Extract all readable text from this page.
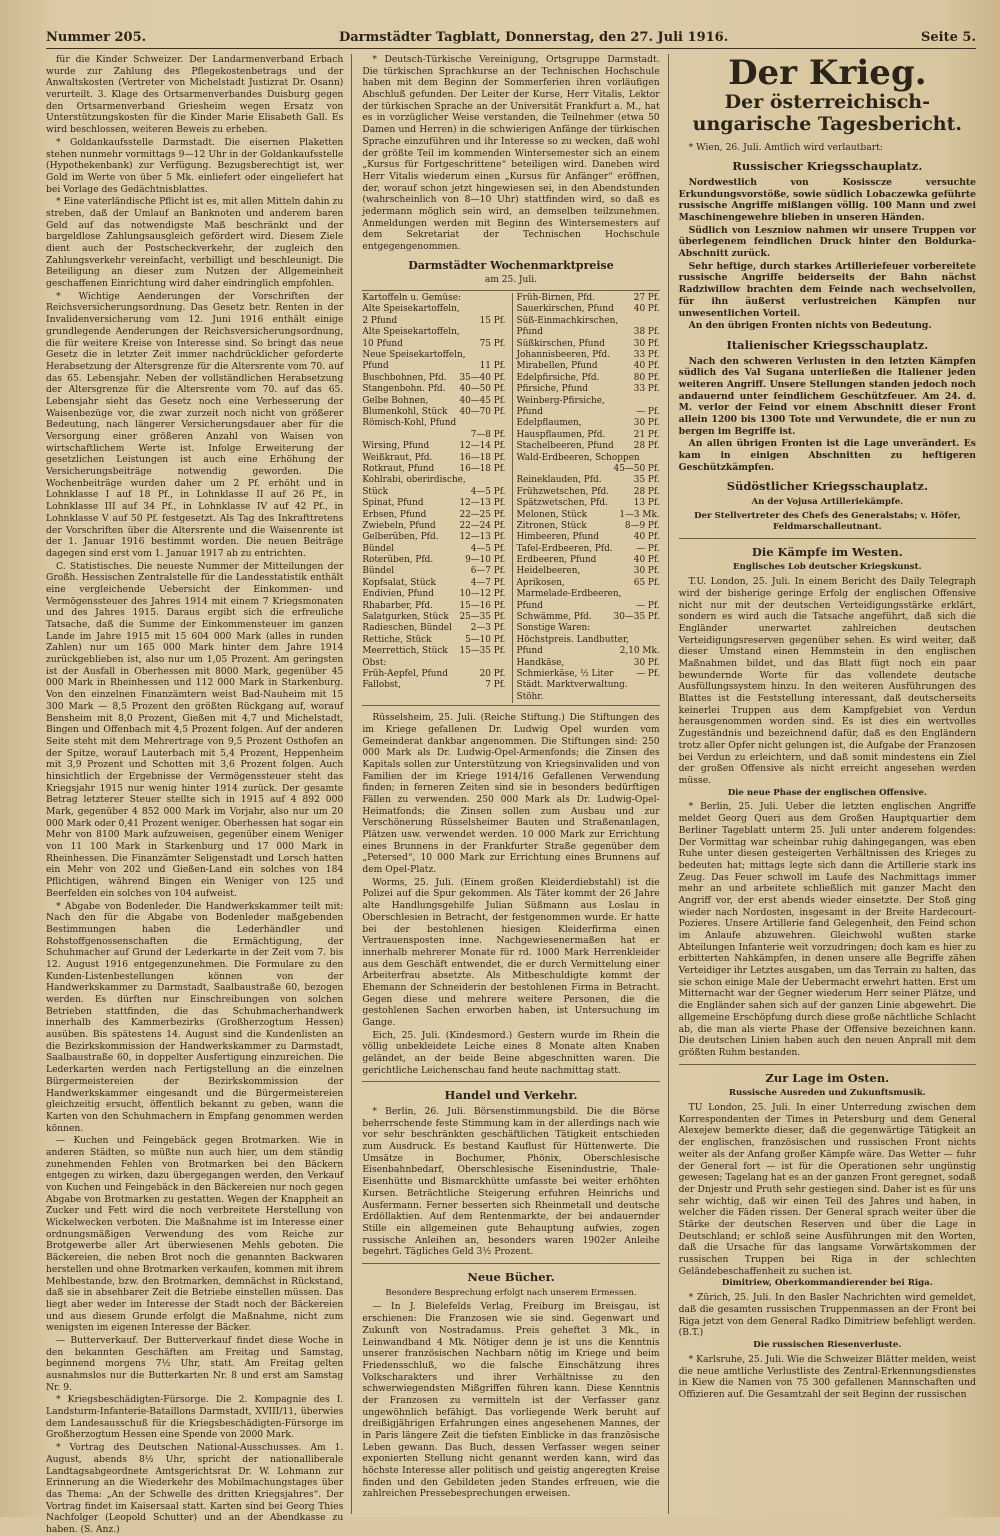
Nummer 205.	Darmstädter Tagblatt, Donnerstag, den 27. Juli 1916.	Seite 5.

für die Kinder Schweizer. Der Landarmenverband Erbach wurde zur Zahlung des Pflegekostenbetrags und der Anwaltskosten (Vertreter von Michelstadt Justizrat Dr. Osann) verurteilt. 3. Klage des Ortsarmenverbandes Duisburg gegen den Ortsarmenverband Griesheim wegen Ersatz von Unterstützungskosten für die Kinder Marie Elisabeth Gall. Es wird beschlossen, weiteren Beweis zu erheben.

* Goldankaufsstelle Darmstadt. Die eisernen Plaketten stehen nunmehr vormittags 9—12 Uhr in der Goldankaufsstelle (Hypothekenbank) zur Verfügung. Bezugsberechtigt ist, wer Gold im Werte von über 5 Mk. einliefert oder eingeliefert hat bei Vorlage des Gedächtnisblattes.

* Eine vaterländische Pflicht ist es, mit allen Mitteln dahin zu streben, daß der Umlauf an Banknoten und anderem baren Geld auf das notwendigste Maß beschränkt und der bargeldlose Zahlungsausgleich gefördert wird. Diesem Ziele dient auch der Postscheckverkehr, der zugleich den Zahlungsverkehr vereinfacht, verbilligt und beschleunigt. Die Beteiligung an dieser zum Nutzen der Allgemeinheit geschaffenen Einrichtung wird daher eindringlich empfohlen.

* Wichtige Aenderungen der Vorschriften der Reichsversicherungsordnung. Das Gesetz betr. Renten in der Invalidenversicherung vom 12. Juni 1916 enthält einige grundlegende Aenderungen der Reichsversicherungsordnung, die für weitere Kreise von Interesse sind. So bringt das neue Gesetz die in letzter Zeit immer nachdrücklicher geforderte Herabsetzung der Altersgrenze für die Altersrente vom 70. auf das 65. Lebensjahr. Neben der vollständlichen Herabsetzung der Altersgrenze für die Altersrente vom 70. auf das 65. Lebensjahr sieht das Gesetz noch eine Verbesserung der Waisenbezüge vor, die zwar zurzeit noch nicht von größerer Bedeutung, nach längerer Versicherungsdauer aber für die Versorgung einer größeren Anzahl von Waisen von wirtschaftlichem Werte ist. Infolge Erweiterung der gesetzlichen Leistungen ist auch eine Erhöhung der Versicherungsbeiträge notwendig geworden. Die Wochenbeiträge wurden daher um 2 Pf. erhöht und in Lohnklasse I auf 18 Pf., in Lohnklasse II auf 26 Pf., in Lohnklasse III auf 34 Pf., in Lohnklasse IV auf 42 Pf., in Lohnklasse V auf 50 Pf. festgesetzt. Als Tag des Inkrafttretens der Vorschriften über die Altersrente und die Waisenrente ist der 1. Januar 1916 bestimmt worden. Die neuen Beiträge dagegen sind erst vom 1. Januar 1917 ab zu entrichten.

C. Statistisches. Die neueste Nummer der Mitteilungen der Großh. Hessischen Zentralstelle für die Landesstatistik enthält eine vergleichende Uebersicht der Einkommen- und Vermögenssteuer des Jahres 1914 mit einem 7 Kriegsmonaten und des Jahres 1915. Daraus ergibt sich die erfreuliche Tatsache, daß die Summe der Einkommensteuer im ganzen Lande im Jahre 1915 mit 15 604 000 Mark (alles in runden Zahlen) nur um 165 000 Mark hinter dem Jahre 1914 zurückgeblieben ist, also nur um 1,05 Prozent. Am geringsten ist der Ausfall in Oberhessen mit 8000 Mark, gegenüber 45 000 Mark in Rheinhessen und 112 000 Mark in Starkenburg. Von den einzelnen Finanzämtern weist Bad-Nauheim mit 15 300 Mark — 8,5 Prozent den größten Rückgang auf, worauf Bensheim mit 8,0 Prozent, Gießen mit 4,7 und Michelstadt, Bingen und Offenbach mit 4,5 Prozent folgen. Auf der anderen Seite steht mit dem Mehrertrage von 9,5 Prozent Osthofen an der Spitze, worauf Lauterbach mit 5,4 Prozent, Heppenheim mit 3,9 Prozent und Schotten mit 3,6 Prozent folgen. Auch hinsichtlich der Ergebnisse der Vermögenssteuer steht das Kriegsjahr 1915 nur wenig hinter 1914 zurück. Der gesamte Betrag letzterer Steuer stellte sich in 1915 auf 4 892 000 Mark, gegenüber 4 852 000 Mark im Vorjahr, also nur um 20 000 Mark oder 0,41 Prozent weniger. Oberhessen hat sogar ein Mehr von 8100 Mark aufzuweisen, gegenüber einem Weniger von 11 100 Mark in Starkenburg und 17 000 Mark in Rheinhessen. Die Finanzämter Seligenstadt und Lorsch hatten ein Mehr von 202 und Gießen-Land ein solches von 184 Pflichtigen, während Bingen ein Weniger von 125 und Beerfelden ein solches von 104 aufweist.

* Abgabe von Bodenleder. Die Handwerkskammer teilt mit: Nach den für die Abgabe von Bodenleder maßgebenden Bestimmungen haben die Lederhändler und Rohstoffgenossenschaften die Ermächtigung, der Schuhmacher auf Grund der Lederkarte in der Zeit vom 7. bis 12. August 1916 entgegenzunehmen. Die Formulare zu den Kunden-Listenbestellungen können von der Handwerkskammer zu Darmstadt, Saalbaustraße 60, bezogen werden. Es dürften nur Einschreibungen von solchen Betrieben stattfinden, die das Schuhmacherhandwerk innerhalb des Kammerbezirks (Großherzogtum Hessen) ausüben. Bis spätestens 14. August sind die Kundenlisten an die Bezirkskommission der Handwerkskammer zu Darmstadt, Saalbaustraße 60, in doppelter Ausfertigung einzureichen. Die Lederkarten werden nach Fertigstellung an die einzelnen Bürgermeistereien der Bezirkskommission der Handwerkskammer eingesandt und die Bürgermeistereien gleichzeitig ersucht, öffentlich bekannt zu geben, wann die Karten von den Schuhmachern in Empfang genommen werden können.

— Kuchen und Feingebäck gegen Brotmarken. Wie in anderen Städten, so müßte nun auch hier, um dem ständig zunehmenden Fehlen von Brotmarken bei den Bäckern entgegen zu wirken, dazu übergegangen werden, den Verkauf von Kuchen und Feingebäck in den Bäckereien nur noch gegen Abgabe von Brotmarken zu gestatten. Wegen der Knappheit an Zucker und Fett wird die noch verbreitete Herstellung von Wickelwecken verboten. Die Maßnahme ist im Interesse einer ordnungsmäßigen Verwendung des vom Reiche zur Brotgewerbe aller Art überwiesenen Mehls geboten. Die Bäckereien, die neben Brot noch die genannten Backwaren herstellen und ohne Brotmarken verkaufen, kommen mit ihrem Mehlbestande, bzw. den Brotmarken, demnächst in Rückstand, daß sie in absehbarer Zeit die Betriebe einstellen müssen. Das liegt aber weder im Interesse der Stadt noch der Bäckereien und aus diesem Grunde erfolgt die Maßnahme, nicht zum wenigsten im eigenen Interesse der Bäcker.

— Butterverkauf. Der Butterverkauf findet diese Woche in den bekannten Geschäften am Freitag und Samstag, beginnend morgens 7½ Uhr, statt. Am Freitag gelten ausnahmslos nur die Butterkarten Nr. 8 und erst am Samstag Nr. 9.

* Kriegsbeschädigten-Fürsorge. Die 2. Kompagnie des I. Landsturm-Infanterie-Bataillons Darmstadt, XVIII/11, überwies dem Landesausschuß für die Kriegsbeschädigten-Fürsorge im Großherzogtum Hessen eine Spende von 2000 Mark.

* Vortrag des Deutschen National-Ausschusses. Am 1. August, abends 8½ Uhr, spricht der nationalliberale Landtagsabgeordnete Amtsgerichtsrat Dr. W. Lohmann zur Erinnerung an die Wiederkehr des Mobilmachungstages über das Thema: „An der Schwelle des dritten Kriegsjahres“. Der Vortrag findet im Kaisersaal statt. Karten sind bei Georg Thies Nachfolger (Leopold Schutter) und an der Abendkasse zu haben. (S. Anz.)

* Deutsch-Türkische Vereinigung, Ortsgruppe Darmstadt. Die türkischen Sprachkurse an der Technischen Hochschule haben mit dem Beginn der Sommerferien ihren vorläufigen Abschluß gefunden. Der Leiter der Kurse, Herr Vitalis, Lektor der türkischen Sprache an der Universität Frankfurt a. M., hat es in vorzüglicher Weise verstanden, die Teilnehmer (etwa 50 Damen und Herren) in die schwierigen Anfänge der türkischen Sprache einzuführen und ihr Interesse so zu wecken, daß wohl der größte Teil im kommenden Wintersemester sich an einem „Kursus für Fortgeschrittene“ beteiligen wird. Daneben wird Herr Vitalis wiederum einen „Kursus für Anfänger“ eröffnen, der, worauf schon jetzt hingewiesen sei, in den Abendstunden (wahrscheinlich von 8—10 Uhr) stattfinden wird, so daß es jedermann möglich sein wird, an demselben teilzunehmen. Anmeldungen werden mit Beginn des Wintersemesters auf dem Sekretariat der Technischen Hochschule entgegengenommen.

Darmstädter Wochenmarktpreise
am 25. Juli.
Kartoffeln u. Gemüse:
Alte Speisekartoffeln,
2 Pfund	15 Pf.
Alte Speisekartoffeln,
10 Pfund	75 Pf.
Neue Speisekartoffeln,
Pfund	11 Pf.
Buschbohnen, Pfd. 35—40 Pf.
Stangenbohn. Pfd. 40—50 Pf.
Gelbe Bohnen,	40—45 Pf.
Blumenkohl, Stück 40—70 Pf.
Römisch-Kohl, Pfund
7—8 Pf.
Wirsing, Pfund	12—14 Pf.
Weißkraut, Pfd.	16—18 Pf.
Rotkraut, Pfund	16—18 Pf.
Kohlrabi, oberirdische,
Stück	4—5 Pf.
Spinat, Pfund	12—13 Pf.
Erbsen, Pfund	22—25 Pf.
Zwiebeln, Pfund	22—24 Pf.
Gelberüben, Pfd. 12—13 Pf.
Bündel	4—5 Pf.
Roterüben, Pfd.	9—10 Pf.
Bündel	6—7 Pf.
Kopfsalat, Stück	4—7 Pf.
Endivien, Pfund	10—12 Pf.
Rhabarber, Pfd.	15—16 Pf.
Salatgurken, Stück 25—35 Pf.
Radieschen, Bündel 2—3 Pf.
Rettiche, Stück	5—10 Pf.
Meerrettich, Stück 15—35 Pf.
Obst:
Früh-Aepfel, Pfund	20 Pf.
Fallobst,	7 Pf.
Früh-Birnen, Pfd.	27 Pf.
Sauerkirschen, Pfund 40 Pf.
Süß-Einmachkirschen,
Pfund	38 Pf.
Süßkirschen, Pfund	30 Pf.
Johannisbeeren, Pfd.	33 Pf.
Mirabellen, Pfund	40 Pf.
Edelpfirsiche, Pfd.	80 Pf.
Pfirsiche, Pfund	33 Pf.
Weinberg-Pfirsiche,
Pfund	— Pf.
Edelpflaumen,	30 Pf.
Hauspflaumen, Pfd.	21 Pf.
Stachelbeeren, Pfund 28 Pf.
Wald-Erdbeeren, Schoppen
45—50 Pf.
Reineklauden, Pfd.	35 Pf.
Frühzwetschen, Pfd.	28 Pf.
Spätzwetschen, Pfd.	13 Pf.
Melonen, Stück	1—3 Mk.
Zitronen, Stück	8—9 Pf.
Himbeeren, Pfund	40 Pf.
Tafel-Erdbeeren, Pfd.	— Pf.
Erdbeeren, Pfund	40 Pf.
Heidelbeeren,	30 Pf.
Aprikosen,	65 Pf.
Marmelade-Erdbeeren,
Pfund	— Pf.
Schwämme, Pfd. 30—35 Pf.
Sonstige Waren:
Höchstpreis. Landbutter,
Pfund	2,10 Mk.
Handkäse,	30 Pf.
Schmierkäse, ½ Liter	— Pf.
Städt. Marktverwaltung.
Stöhr.

Rüsselsheim, 25. Juli. (Reiche Stiftung.) Die Stiftungen des im Kriege gefallenen Dr. Ludwig Opel wurden vom Gemeinderat dankbar angenommen. Die Stiftungen sind: 250 000 Mark als Dr. Ludwig-Opel-Armenfonds; die Zinsen des Kapitals sollen zur Unterstützung von Kriegsinvaliden und von Familien der im Kriege 1914/16 Gefallenen Verwendung finden; in ferneren Zeiten sind sie in besonders bedürftigen Fällen zu verwenden. 250 000 Mark als Dr. Ludwig-Opel-Heimatfonds; die Zinsen sollen zum Ausbau und zur Verschönerung Rüsselsheimer Bauten und Straßenanlagen, Plätzen usw. verwendet werden. 10 000 Mark zur Errichtung eines Brunnens in der Frankfurter Straße gegenüber dem „Petersed“, 10 000 Mark zur Errichtung eines Brunnens auf dem Opel-Platz.

Worms, 25. Juli. (Einem großen Kleiderdiebstahl) ist die Polizei auf die Spur gekommen. Als Täter kommt der 26 Jahre alte Handlungsgehilfe Julian Süßmann aus Loslau in Oberschlesien in Betracht, der festgenommen wurde. Er hatte bei der bestohlenen hiesigen Kleiderfirma einen Vertrauensposten inne. Nachgewiesenermaßen hat er innerhalb mehrerer Monate für rd. 1000 Mark Herrenkleider aus dem Geschäft entwendet, die er durch Vermittelung einer Arbeiterfrau absetzte. Als Mitbeschuldigte kommt der Ehemann der Schneiderin der bestohlenen Firma in Betracht. Gegen diese und mehrere weitere Personen, die die gestohlenen Sachen erworben haben, ist Untersuchung im Gange.

Eich, 25. Juli. (Kindesmord.) Gestern wurde im Rhein die völlig unbekleidete Leiche eines 8 Monate alten Knaben geländet, an der beide Beine abgeschnitten waren. Die gerichtliche Leichenschau fand heute nachmittag statt.

Handel und Verkehr.

* Berlin, 26. Juli. Börsenstimmungsbild. Die die Börse beherrschende feste Stimmung kam in der allerdings nach wie vor sehr beschränkten geschäftlichen Tätigkeit entschieden zum Ausdruck. Es bestand Kauflust für Hüttenwerte. Die Umsätze in Bochumer, Phönix, Oberschlesische Eisenbahnbedarf, Oberschlesische Eisenindustrie, Thale-Eisenhütte und Bismarckhütte umfasste bei weiter erhöhten Kursen. Beträchtliche Steigerung erfuhren Heinrichs und Ausfermann. Ferner besserten sich Rheinmetall und deutsche Erdöllaktien. Auf dem Rentenmarkte, der bei andauernder Stille ein allgemeinen gute Behauptung aufwies, zogen russische Anleihen an, besonders waren 1902er Anleihe begehrt. Tägliches Geld 3½ Prozent.

Neue Bücher.
Besondere Besprechung erfolgt nach unserem Ermessen.

— In J. Bielefelds Verlag, Freiburg im Breisgau, ist erschienen: Die Franzosen wie sie sind. Gegenwart und Zukunft von Nostradamus. Preis geheftet 3 Mk., in Leinwandband 4 Mk. Nötiger denn je ist uns die Kenntnis unserer französischen Nachbarn nötig im Kriege und beim Friedensschluß, wo die falsche Einschätzung ihres Volkscharakters und ihrer Verhältnisse zu den schwerwiegendsten Mißgriffen führen kann. Diese Kenntnis der Franzosen zu vermitteln ist der Verfasser ganz ungewöhnlich befähigt. Das vorliegende Werk beruht auf dreißigjährigen Erfahrungen eines angesehenen Mannes, der in Paris längere Zeit die tiefsten Einblicke in das französische Leben gewann. Das Buch, dessen Verfasser wegen seiner exponierten Stellung nicht genannt werden kann, wird das höchste Interesse aller politisch und geistig angeregten Kreise finden und den Gebildeten jeden Standes erfreuen, wie die zahlreichen Pressebesprechungen erweisen.

Der Krieg.
Der österreichisch-ungarische Tagesbericht.

* Wien, 26. Juli. Amtlich wird verlautbart:

Russischer Kriegsschauplatz.

Nordwestlich von Kosisscze versuchte Erkundungsvorstöße, sowie südlich Lobaczewka geführte russische Angriffe mißlangen völlig. 100 Mann und zwei Maschinengewehre blieben in unseren Händen.

Südlich von Leszniow nahmen wir unsere Truppen vor überlegenem feindlichen Druck hinter den Boldurka-Abschnitt zurück.

Sehr heftige, durch starkes Artilleriefeuer vorbereitete russische Angriffe beiderseits der Bahn nächst Radziwillow brachten dem Feinde nach wechselvollen, für ihn äußerst verlustreichen Kämpfen nur unwesentlichen Vorteil.

An den übrigen Fronten nichts von Bedeutung.

Italienischer Kriegsschauplatz.

Nach den schweren Verlusten in den letzten Kämpfen südlich des Val Sugana unterließen die Italiener jeden weiteren Angriff. Unsere Stellungen standen jedoch noch andauernd unter feindlichem Geschützfeuer. Am 24. d. M. verlor der Feind vor einem Abschnitt dieser Front allein 1200 bis 1300 Tote und Verwundete, die er nun zu bergen im Begriffe ist.

An allen übrigen Fronten ist die Lage unverändert. Es kam in einigen Abschnitten zu heftigeren Geschützkämpfen.

Südöstlicher Kriegsschauplatz.

An der Vojusa Artilleriekämpfe.

Der Stellvertreter des Chefs des Generalstabs; v. Höfer, Feldmarschalleutnant.

Die Kämpfe im Westen.
Englisches Lob deutscher Kriegskunst.

T.U. London, 25. Juli. In einem Bericht des Daily Telegraph wird der bisherige geringe Erfolg der englischen Offensive nicht nur mit der deutschen Verteidigungsstärke erklärt, sondern es wird auch die Tatsache angeführt, daß sich die Engländer unerwartet zahlreichen deutschen Verteidigungsreserven gegenüber sehen. Es wird weiter, daß dieser Umstand einen Hemmstein in den englischen Maßnahmen bildet, und das Blatt fügt noch ein paar bewundernde Worte für das vollendete deutsche Ausfüllungssystem hinzu. In den weiteren Ausführungen des Blattes ist die Feststellung interessant, daß deutscherseits keinerlei Truppen aus dem Kampfgebiet von Verdun herausgenommen worden sind. Es ist dies ein wertvolles Zugeständnis und bezeichnend dafür, daß es den Engländern trotz aller Opfer nicht gelungen ist, die Aufgabe der Franzosen bei Verdun zu erleichtern, und daß somit mindestens ein Ziel der großen Offensive als nicht erreicht angesehen werden müsse.

Die neue Phase der englischen Offensive.

* Berlin, 25. Juli. Ueber die letzten englischen Angriffe meldet Georg Queri aus dem Großen Hauptquartier dem Berliner Tageblatt unterm 25. Juli unter anderem folgendes: Der Vormittag war scheinbar ruhig dahingegangen, was eben Ruhe unter diesen gesteigerten Verhältnissen des Krieges zu bedeuten hat; mittags legte sich dann die Artillerie stark ins Zeug. Das Feuer schwoll im Laufe des Nachmittags immer mehr an und arbeitete schließlich mit ganzer Macht den Angriff vor, der erst abends wieder einsetzte. Der Stoß ging wieder nach Nordosten, insgesamt in der Breite Hardecourt-Pozieres. Unsere Artillerie fand Gelegenheit, den Feind schon im Anlaufe abzuwehren. Gleichwohl wußten starke Abteilungen Infanterie weit vorzudringen; doch kam es hier zu erbitterten Nahkämpfen, in denen unsere alle Begriffe zähen Verteidiger ihr Letztes ausgaben, um das Terrain zu halten, das sie schon einige Male der Uebermacht erwehrt hatten. Erst um Mitternacht war der Gegner wiederum Herr seiner Plätze, und die Engländer sahen sich auf der ganzen Linie abgewehrt. Die allgemeine Erschöpfung durch diese große nächtliche Schlacht ab, die man als vierte Phase der Offensive bezeichnen kann. Die deutschen Linien haben auch den neuen Anprall mit dem größten Ruhm bestanden.

Zur Lage im Osten.
Russische Ausreden und Zukunftsmusik.

TU London, 25. Juli. In einer Unterredung zwischen dem Korrespondenten der Times in Petersburg und dem General Alexejew bemerkte dieser, daß die gegenwärtige Tätigkeit an der englischen, französischen und russischen Front nichts weiter als der Anfang großer Kämpfe wäre. Das Wetter — fuhr der General fort — ist für die Operationen sehr ungünstig gewesen; Tagelang hat es an der ganzen Front geregnet, sodaß der Dnjestr und Pruth sehr gestiegen sind. Daher ist es für uns sehr wichtig, daß wir einen Teil des Jahres und haben, in welcher die Fäden rissen. Der General sprach weiter über die Stärke der deutschen Reserven und über die Lage in Deutschland; er schloß seine Ausführungen mit den Worten, daß die Ursache für das langsame Vorwärtskommen der russischen Truppen bei Riga in der schlechten Geländebeschaffenheit zu suchen ist.

Dimitriew, Oberkommandierender bei Riga.

* Zürich, 25. Juli. In den Basler Nachrichten wird gemeldet, daß die gesamten russischen Truppenmassen an der Front bei Riga jetzt von dem General Radko Dimitriew befehligt werden. (B.T.)

Die russischen Riesenverluste.

* Karlsruhe, 25. Juli. Wie die Schweizer Blätter melden, weist die neue amtliche Verlustliste des Zentral-Erkennungsdienstes in Kiew die Namen von 75 300 gefallenen Mannschaften und Offizieren auf. Die Gesamtzahl der seit Beginn der russischen
